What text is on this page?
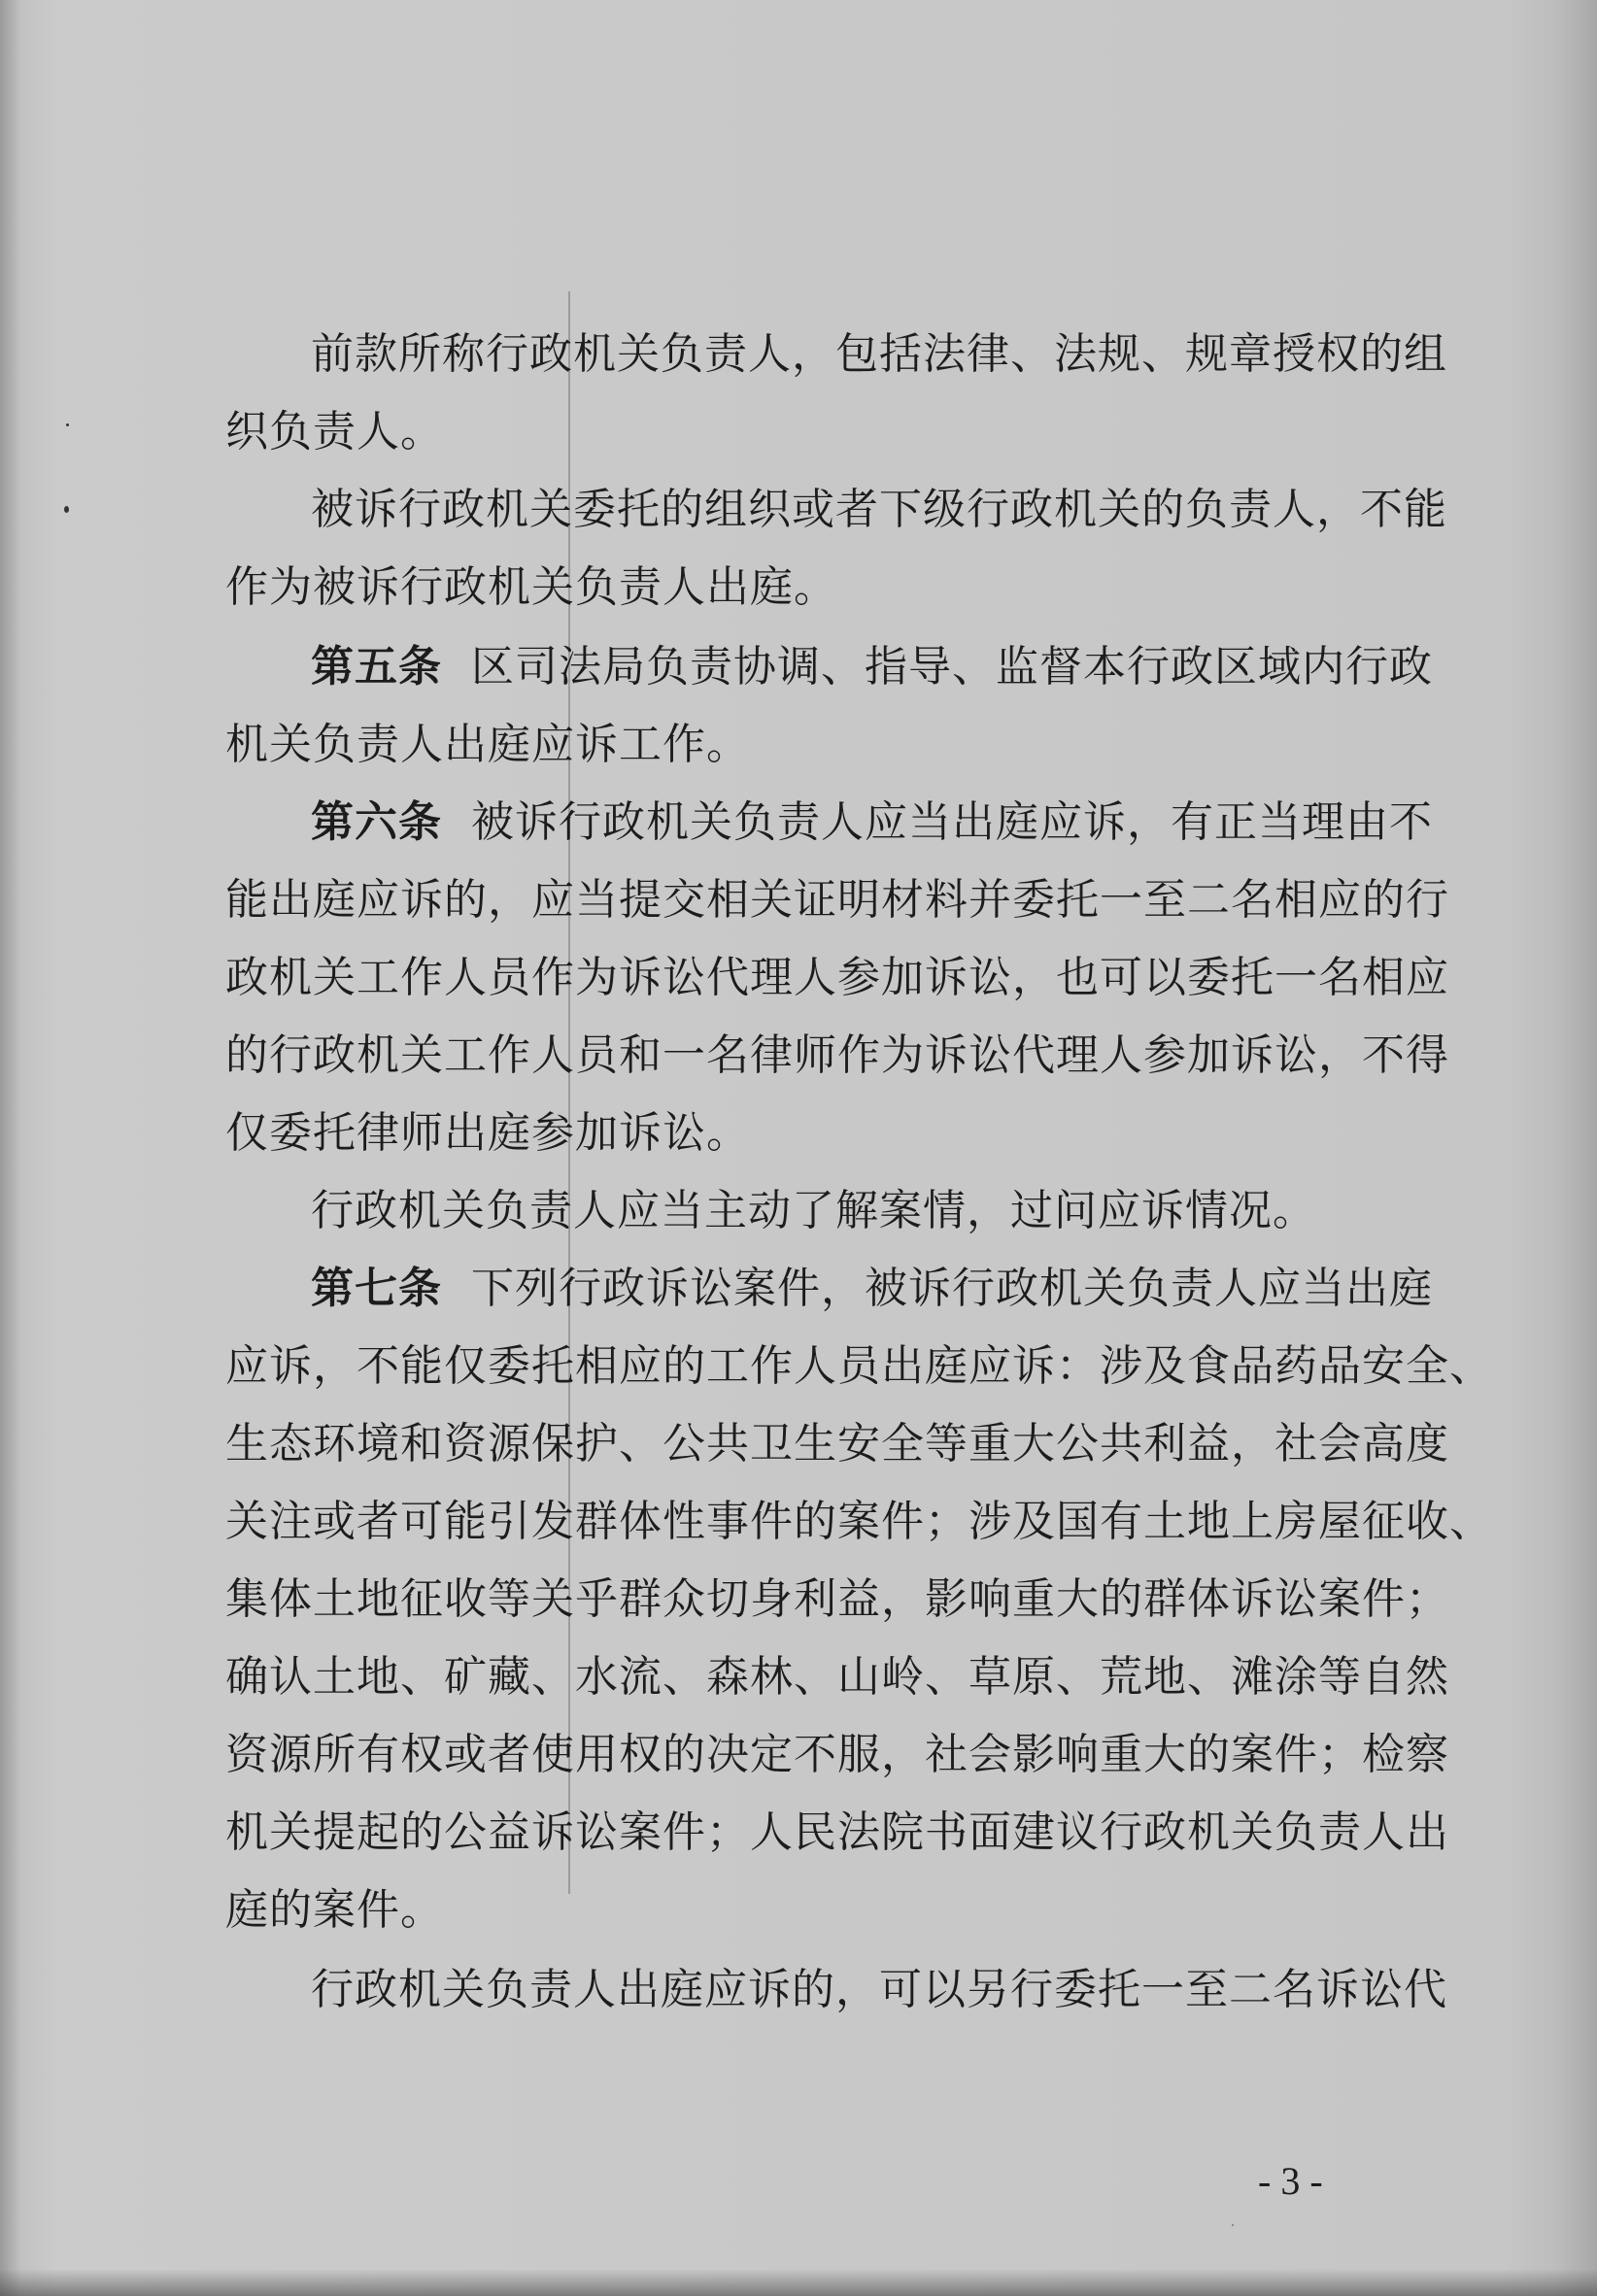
前款所称行政机关负责人，包括法律、法规、规章授权的组
织负责人。
被诉行政机关委托的组织或者下级行政机关的负责人，不能
作为被诉行政机关负责人出庭。
第五条 区司法局负责协调、指导、监督本行政区域内行政
机关负责人出庭应诉工作。
第六条 被诉行政机关负责人应当出庭应诉，有正当理由不
能出庭应诉的，应当提交相关证明材料并委托一至二名相应的行
政机关工作人员作为诉讼代理人参加诉讼，也可以委托一名相应
的行政机关工作人员和一名律师作为诉讼代理人参加诉讼，不得
仅委托律师出庭参加诉讼。
行政机关负责人应当主动了解案情，过问应诉情况。
第七条 下列行政诉讼案件，被诉行政机关负责人应当出庭
应诉，不能仅委托相应的工作人员出庭应诉：涉及食品药品安全、
生态环境和资源保护、公共卫生安全等重大公共利益，社会高度
关注或者可能引发群体性事件的案件；涉及国有土地上房屋征收、
集体土地征收等关乎群众切身利益，影响重大的群体诉讼案件；
确认土地、矿藏、水流、森林、山岭、草原、荒地、滩涂等自然
资源所有权或者使用权的决定不服，社会影响重大的案件；检察
机关提起的公益诉讼案件；人民法院书面建议行政机关负责人出
庭的案件。
行政机关负责人出庭应诉的，可以另行委托一至二名诉讼代
- 3 -
